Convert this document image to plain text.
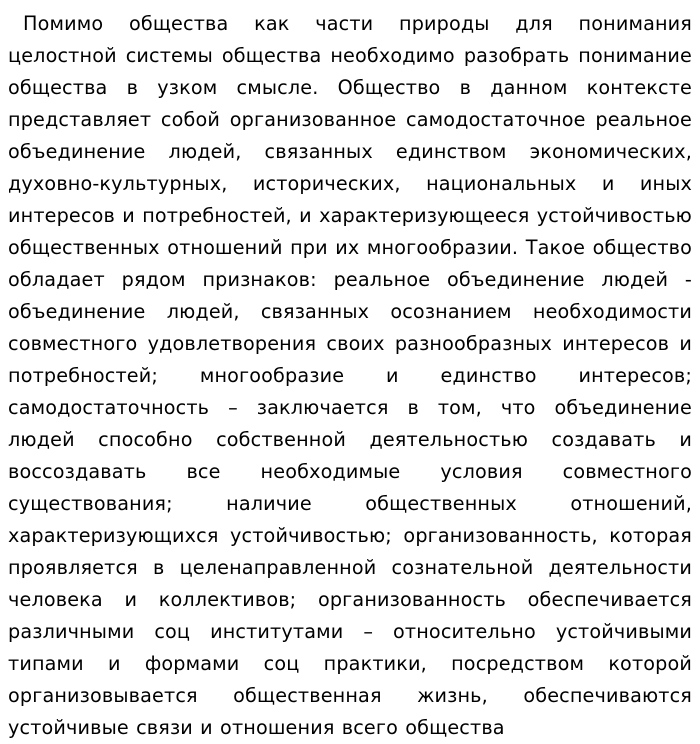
Помимо общества как части природы для понимания целостной системы общества необходимо разобрать понимание общества в узком смысле. Общество в данном контексте представляет собой организованное самодостаточное реальное объединение людей, связанных единством экономических, духовно-культурных, исторических, национальных и иных интересов и потребностей, и характеризующееся устойчивостью общественных отношений при их многообразии. Такое общество обладает рядом признаков: реальное объединение людей - объединение людей, связанных осознанием необходимости совместного удовлетворения своих разнообразных интересов и потребностей; многообразие и единство интересов; самодостаточность – заключается в том, что объединение людей способно собственной деятельностью создавать и воссоздавать все необходимые условия совместного существования; наличие общественных отношений, характеризующихся устойчивостью; организованность, которая проявляется в целенаправленной сознательной деятельности человека и коллективов; организованность обеспечивается различными соц институтами – относительно устойчивыми типами и формами соц практики, посредством которой организовывается общественная жизнь, обеспечиваются устойчивые связи и отношения всего общества
